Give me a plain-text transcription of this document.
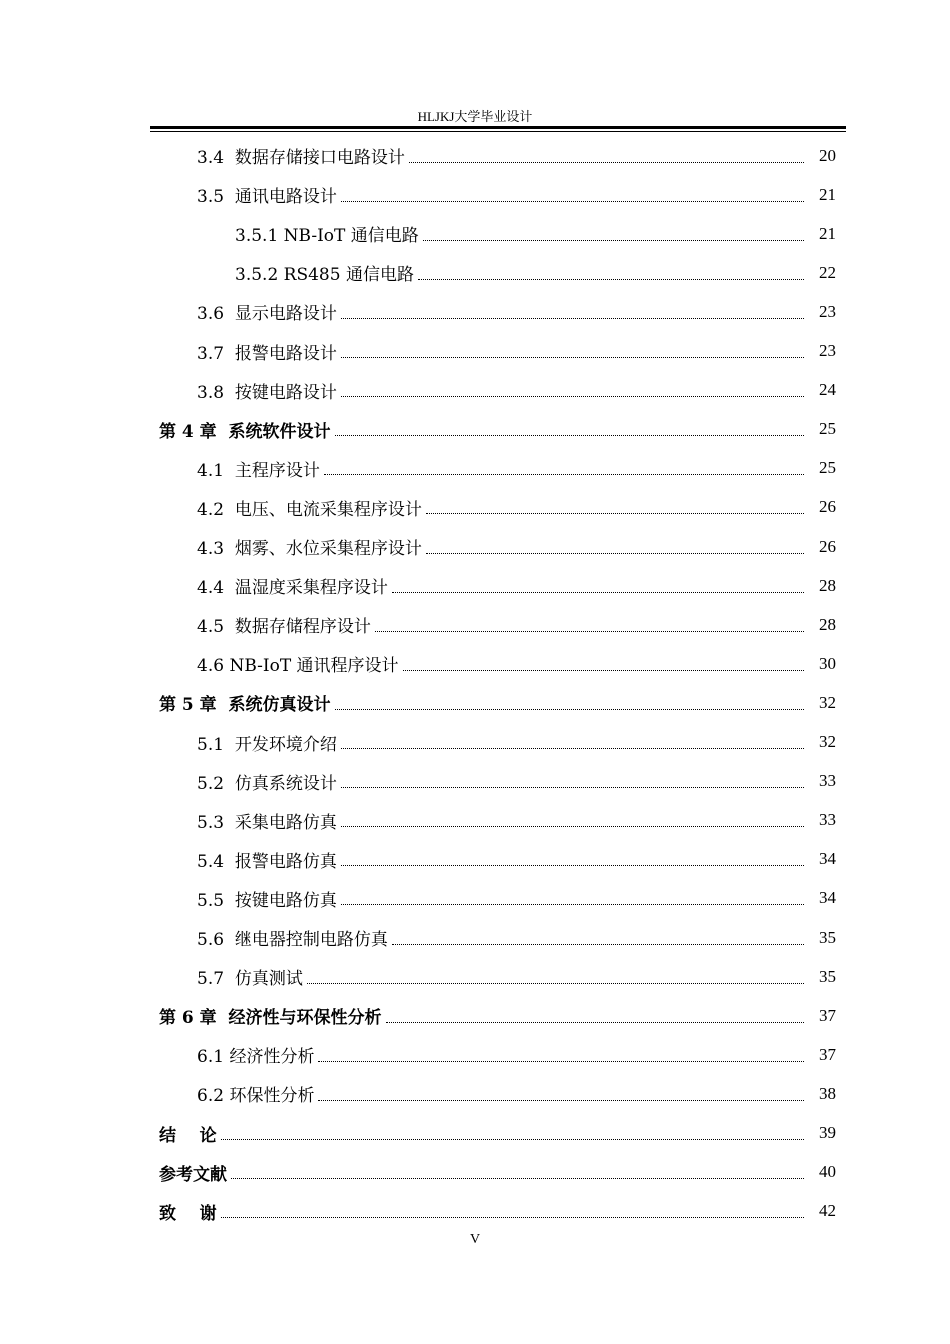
HLJKJ大学毕业设计
3.4  数据存储接口电路设计	20
3.5  通讯电路设计	21
3.5.1 NB-IoT 通信电路	21
3.5.2 RS485 通信电路	22
3.6  显示电路设计	23
3.7  报警电路设计	23
3.8  按键电路设计	24
第 4 章  系统软件设计	25
4.1  主程序设计	25
4.2  电压、电流采集程序设计	26
4.3  烟雾、水位采集程序设计	26
4.4  温湿度采集程序设计	28
4.5  数据存储程序设计	28
4.6 NB-IoT 通讯程序设计	30
第 5 章  系统仿真设计	32
5.1  开发环境介绍	32
5.2  仿真系统设计	33
5.3  采集电路仿真	33
5.4  报警电路仿真	34
5.5  按键电路仿真	34
5.6  继电器控制电路仿真	35
5.7  仿真测试	35
第 6 章  经济性与环保性分析	37
6.1 经济性分析	37
6.2 环保性分析	38
结    论	39
参考文献	40
致    谢	42
V
